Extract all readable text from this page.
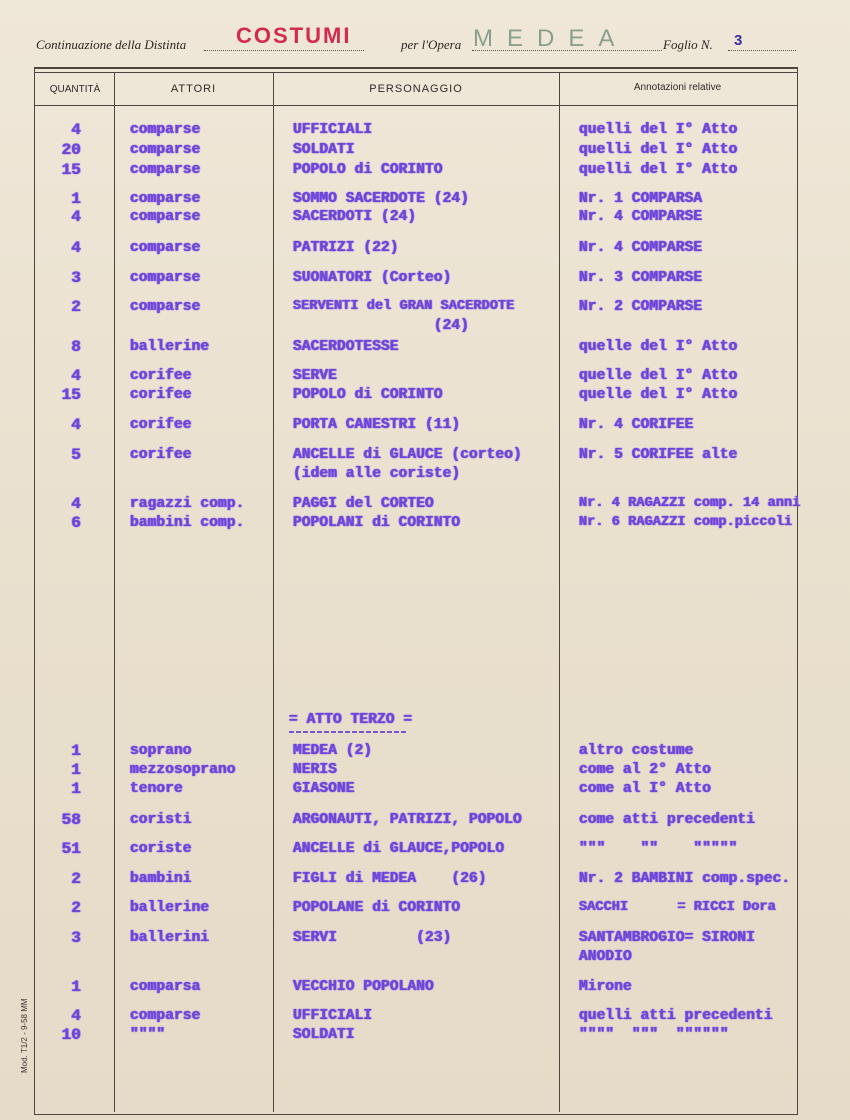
Continuazione della Distinta COSTUMI	per l'Opera MEDEA	Foglio N. 3
QUANTITÀ	ATTORI	PERSONAGGIO	Annotazioni relative
4	comparse	UFFICIALI	quelli del I° Atto
20	comparse	SOLDATI	quelli del I° Atto
15	comparse	POPOLO di CORINTO	quelli del I° Atto
1	comparse	SOMMO SACERDOTE (24)	Nr. 1 COMPARSA
4	comparse	SACERDOTI (24)	Nr. 4 COMPARSE
4	comparse	PATRIZI (22)	Nr. 4 COMPARSE
3	comparse	SUONATORI (Corteo)	Nr. 3 COMPARSE
2	comparse	SERVENTI del GRAN SACERDOTE	Nr. 2 COMPARSE
(24)
8	ballerine	SACERDOTESSE	quelle del I° Atto
4	corifee	SERVE	quelle del I° Atto
15	corifee	POPOLO di CORINTO	quelle del I° Atto
4	corifee	PORTA CANESTRI (11)	Nr. 4 CORIFEE
5	corifee	ANCELLE di GLAUCE (corteo)	Nr. 5 CORIFEE alte
(idem alle coriste)
4	ragazzi comp.	PAGGI del CORTEO	Nr. 4 RAGAZZI comp. 14 anni
6	bambini comp.	POPOLANI di CORINTO	Nr. 6 RAGAZZI comp.piccoli
= ATTO TERZO =
1	soprano	MEDEA (2)	altro costume
1	mezzosoprano	NERIS	come al 2° Atto
1	tenore	GIASONE	come al I° Atto
58	coristi	ARGONAUTI, PATRIZI, POPOLO	come atti precedenti
51	coriste	ANCELLE di GLAUCE,POPOLO	"""    ""    """""
2	bambini	FIGLI di MEDEA    (26)	Nr. 2 BAMBINI comp.spec.
2	ballerine	POPOLANE di CORINTO	SACCHI      = RICCI Dora
3	ballerini	SERVI         (23)	SANTAMBROGIO= SIRONI
ANODIO
1	comparsa	VECCHIO POPOLANO	Mirone
4	comparse	UFFICIALI	quelli atti precedenti
10	""""	SOLDATI	""""  """  """"""
Mod. T1/2 - 9-58 MM
